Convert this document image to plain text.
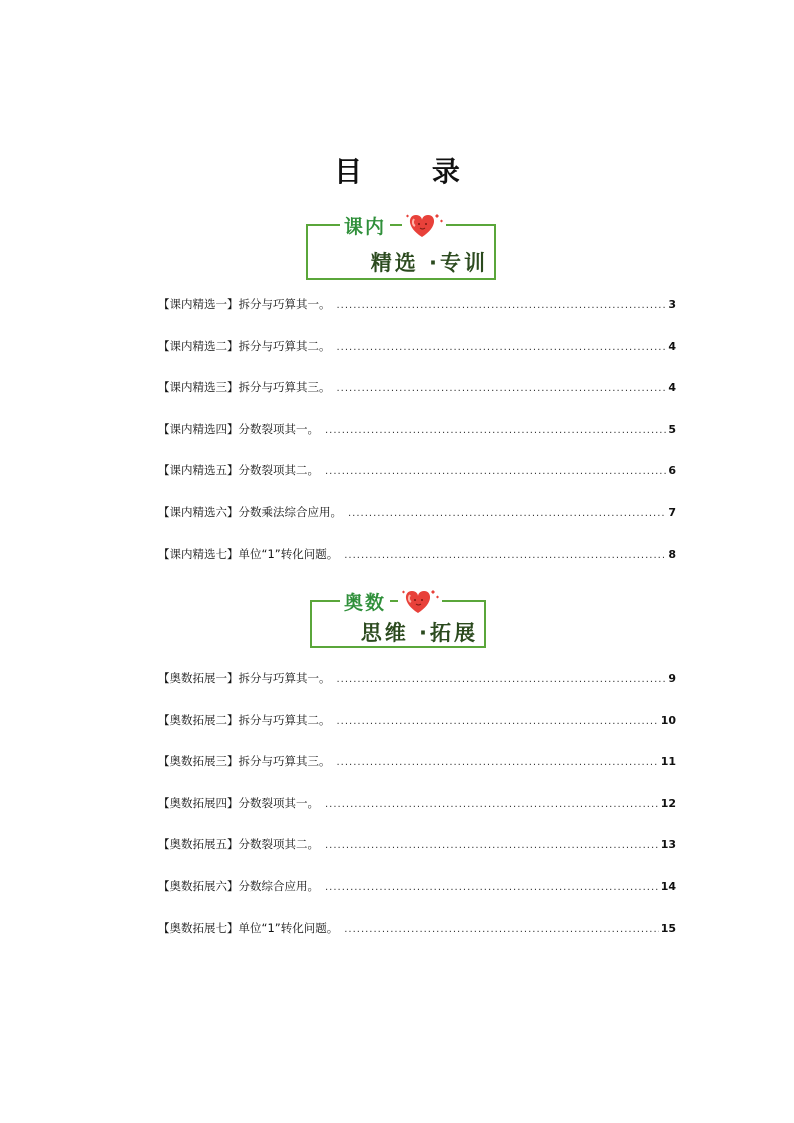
目 录
课内
精选 ·专训
【课内精选一】拆分与巧算其一。 .....	3
【课内精选二】拆分与巧算其二。 .....	4
【课内精选三】拆分与巧算其三。 .....	4
【课内精选四】分数裂项其一。 .....	5
【课内精选五】分数裂项其二。 .....	6
【课内精选六】分数乘法综合应用。 .....	7
【课内精选七】单位“1”转化问题。 .....	8
奥数
思维 ·拓展
【奥数拓展一】拆分与巧算其一。 .....	9
【奥数拓展二】拆分与巧算其二。 .....	10
【奥数拓展三】拆分与巧算其三。 .....	11
【奥数拓展四】分数裂项其一。 .....	12
【奥数拓展五】分数裂项其二。 .....	13
【奥数拓展六】分数综合应用。 .....	14
【奥数拓展七】单位“1”转化问题。 .....	15
